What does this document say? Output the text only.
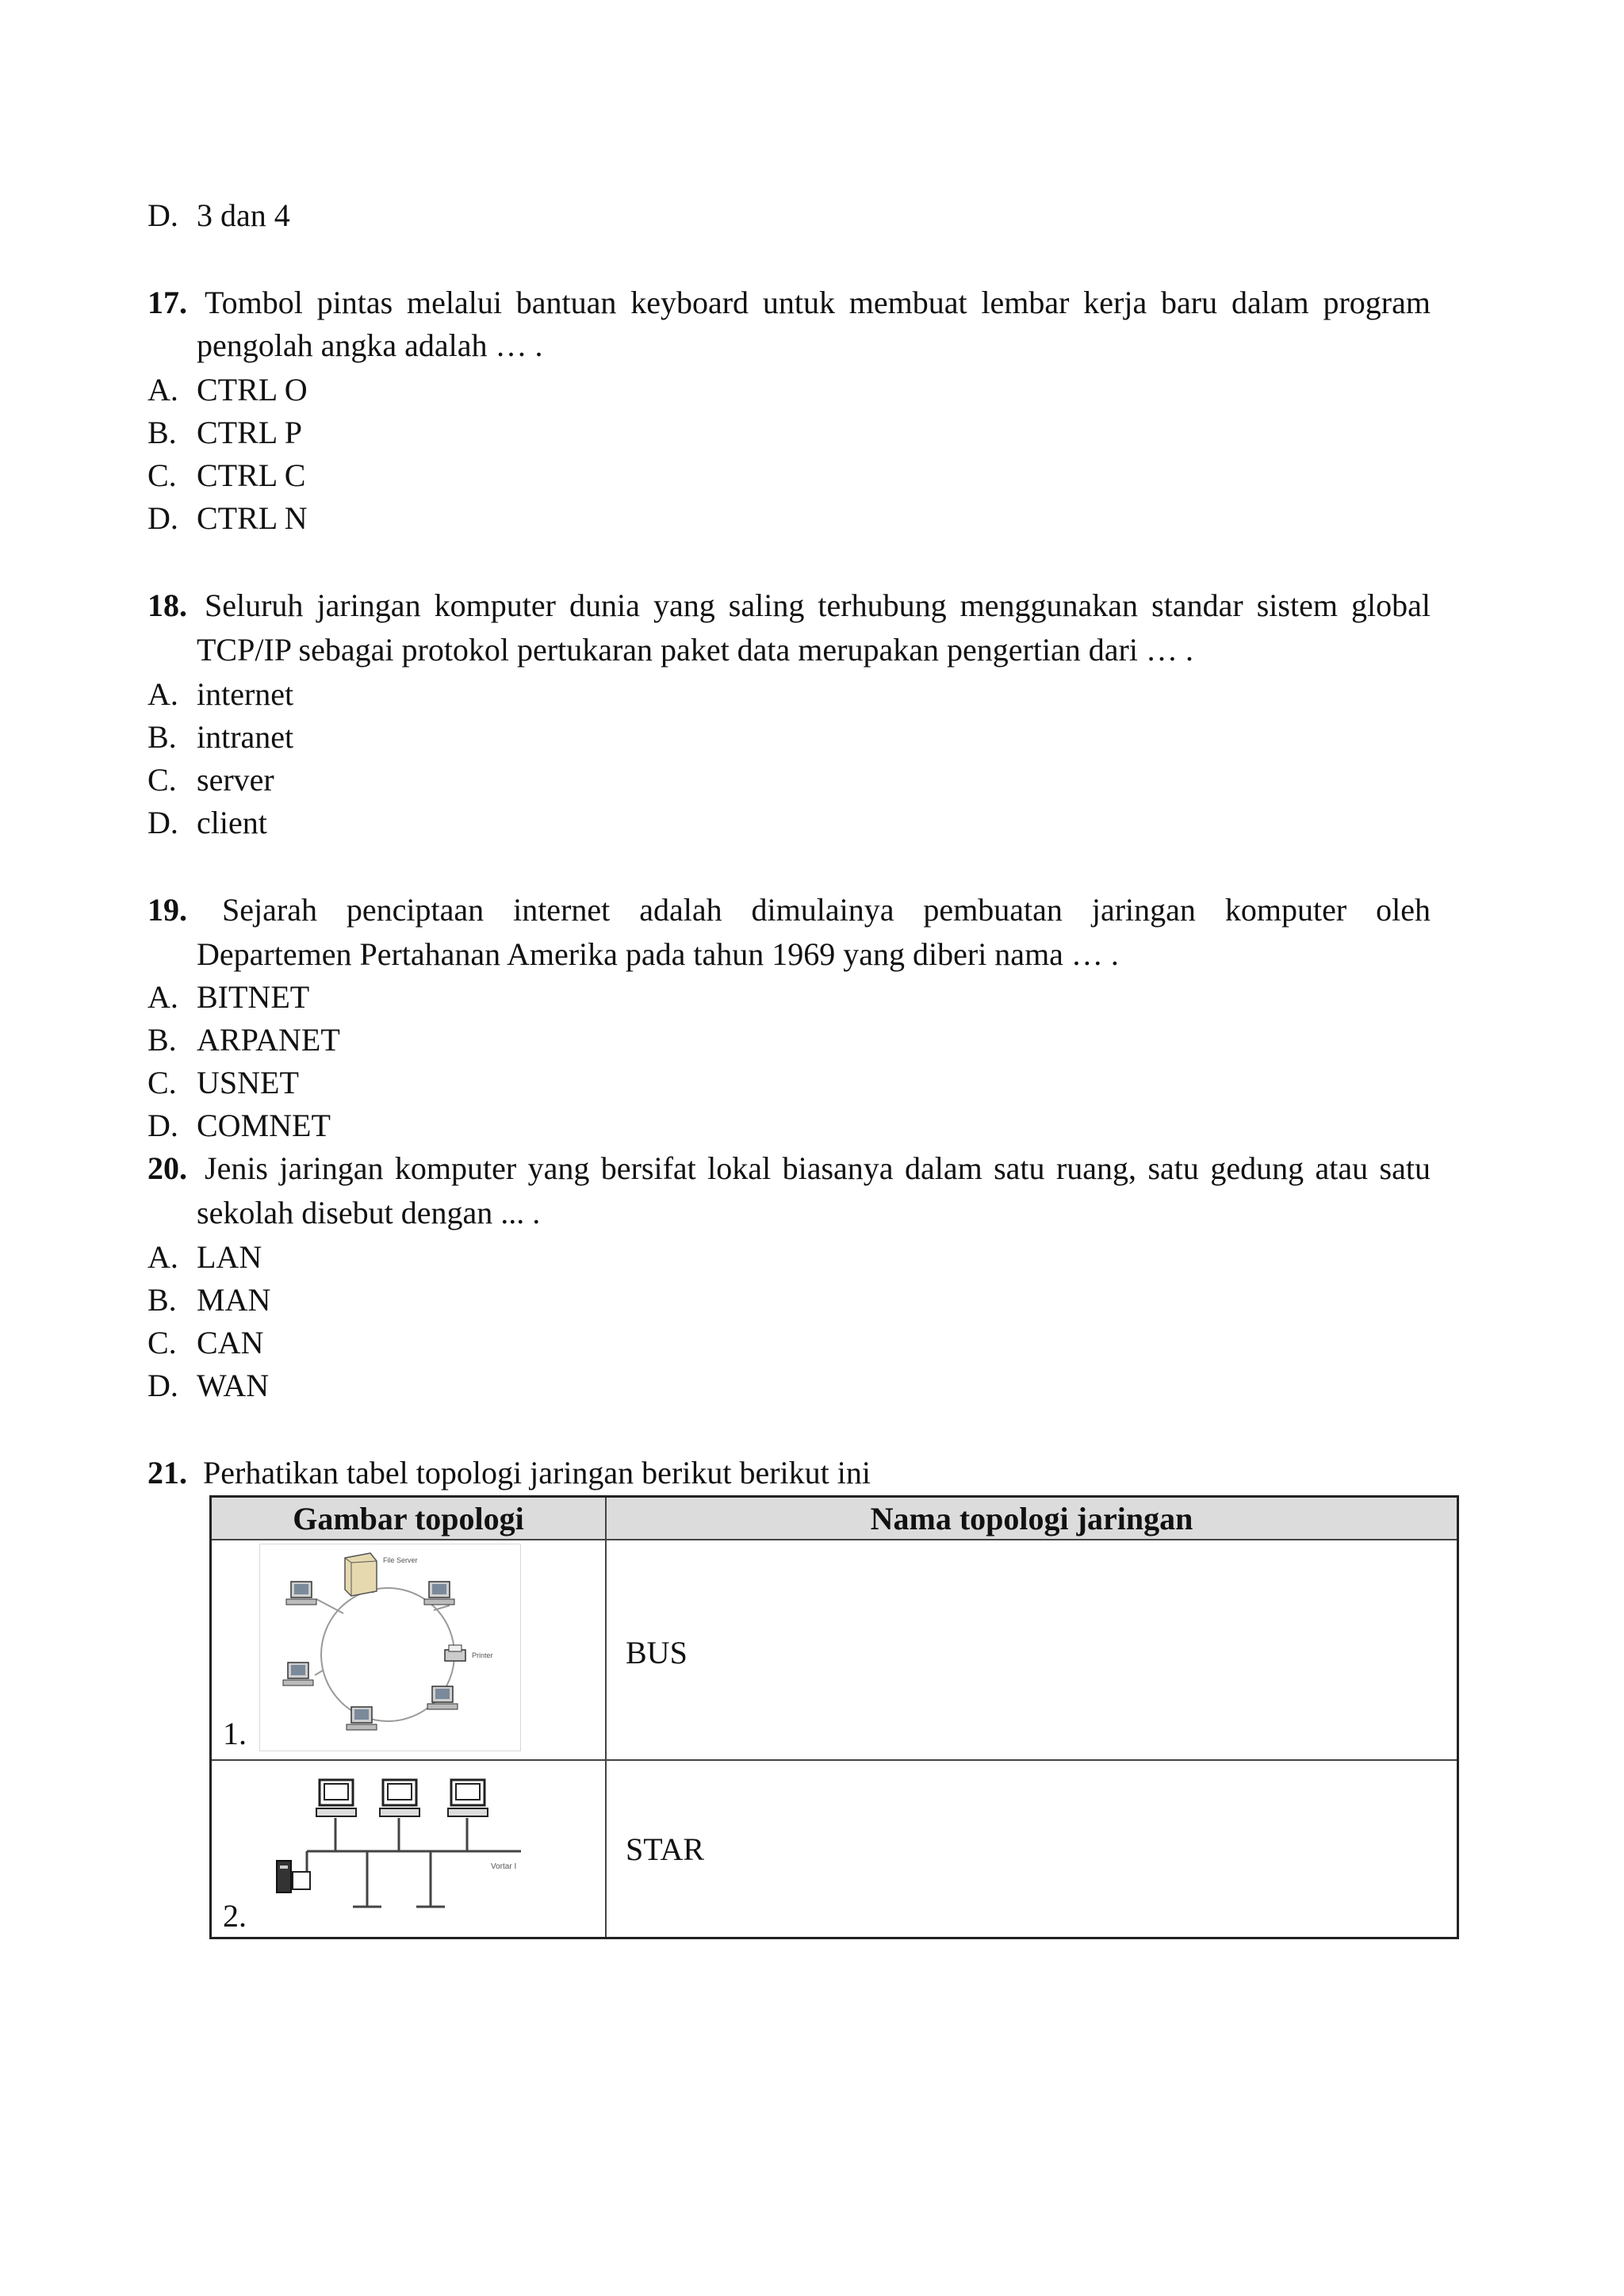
D. 3 dan 4
17. Tombol pintas melalui bantuan keyboard untuk membuat lembar kerja baru dalam program
pengolah angka adalah … .
A. CTRL O
B. CTRL P
C. CTRL C
D. CTRL N
18. Seluruh jaringan komputer dunia yang saling terhubung menggunakan standar sistem global
TCP/IP sebagai protokol pertukaran paket data merupakan pengertian dari … .
A. internet
B. intranet
C. server
D. client
19. Sejarah penciptaan internet adalah dimulainya pembuatan jaringan komputer oleh
Departemen Pertahanan Amerika pada tahun 1969 yang diberi nama … .
A. BITNET
B. ARPANET
C. USNET
D. COMNET
20. Jenis jaringan komputer yang bersifat lokal biasanya dalam satu ruang, satu gedung atau satu
sekolah disebut dengan ... .
A. LAN
B. MAN
C. CAN
D. WAN
21. Perhatikan tabel topologi jaringan berikut berikut ini
Gambar topologi	Nama topologi jaringan

File Server
Printer
1.	BUS

Vortar I
2.	STAR
